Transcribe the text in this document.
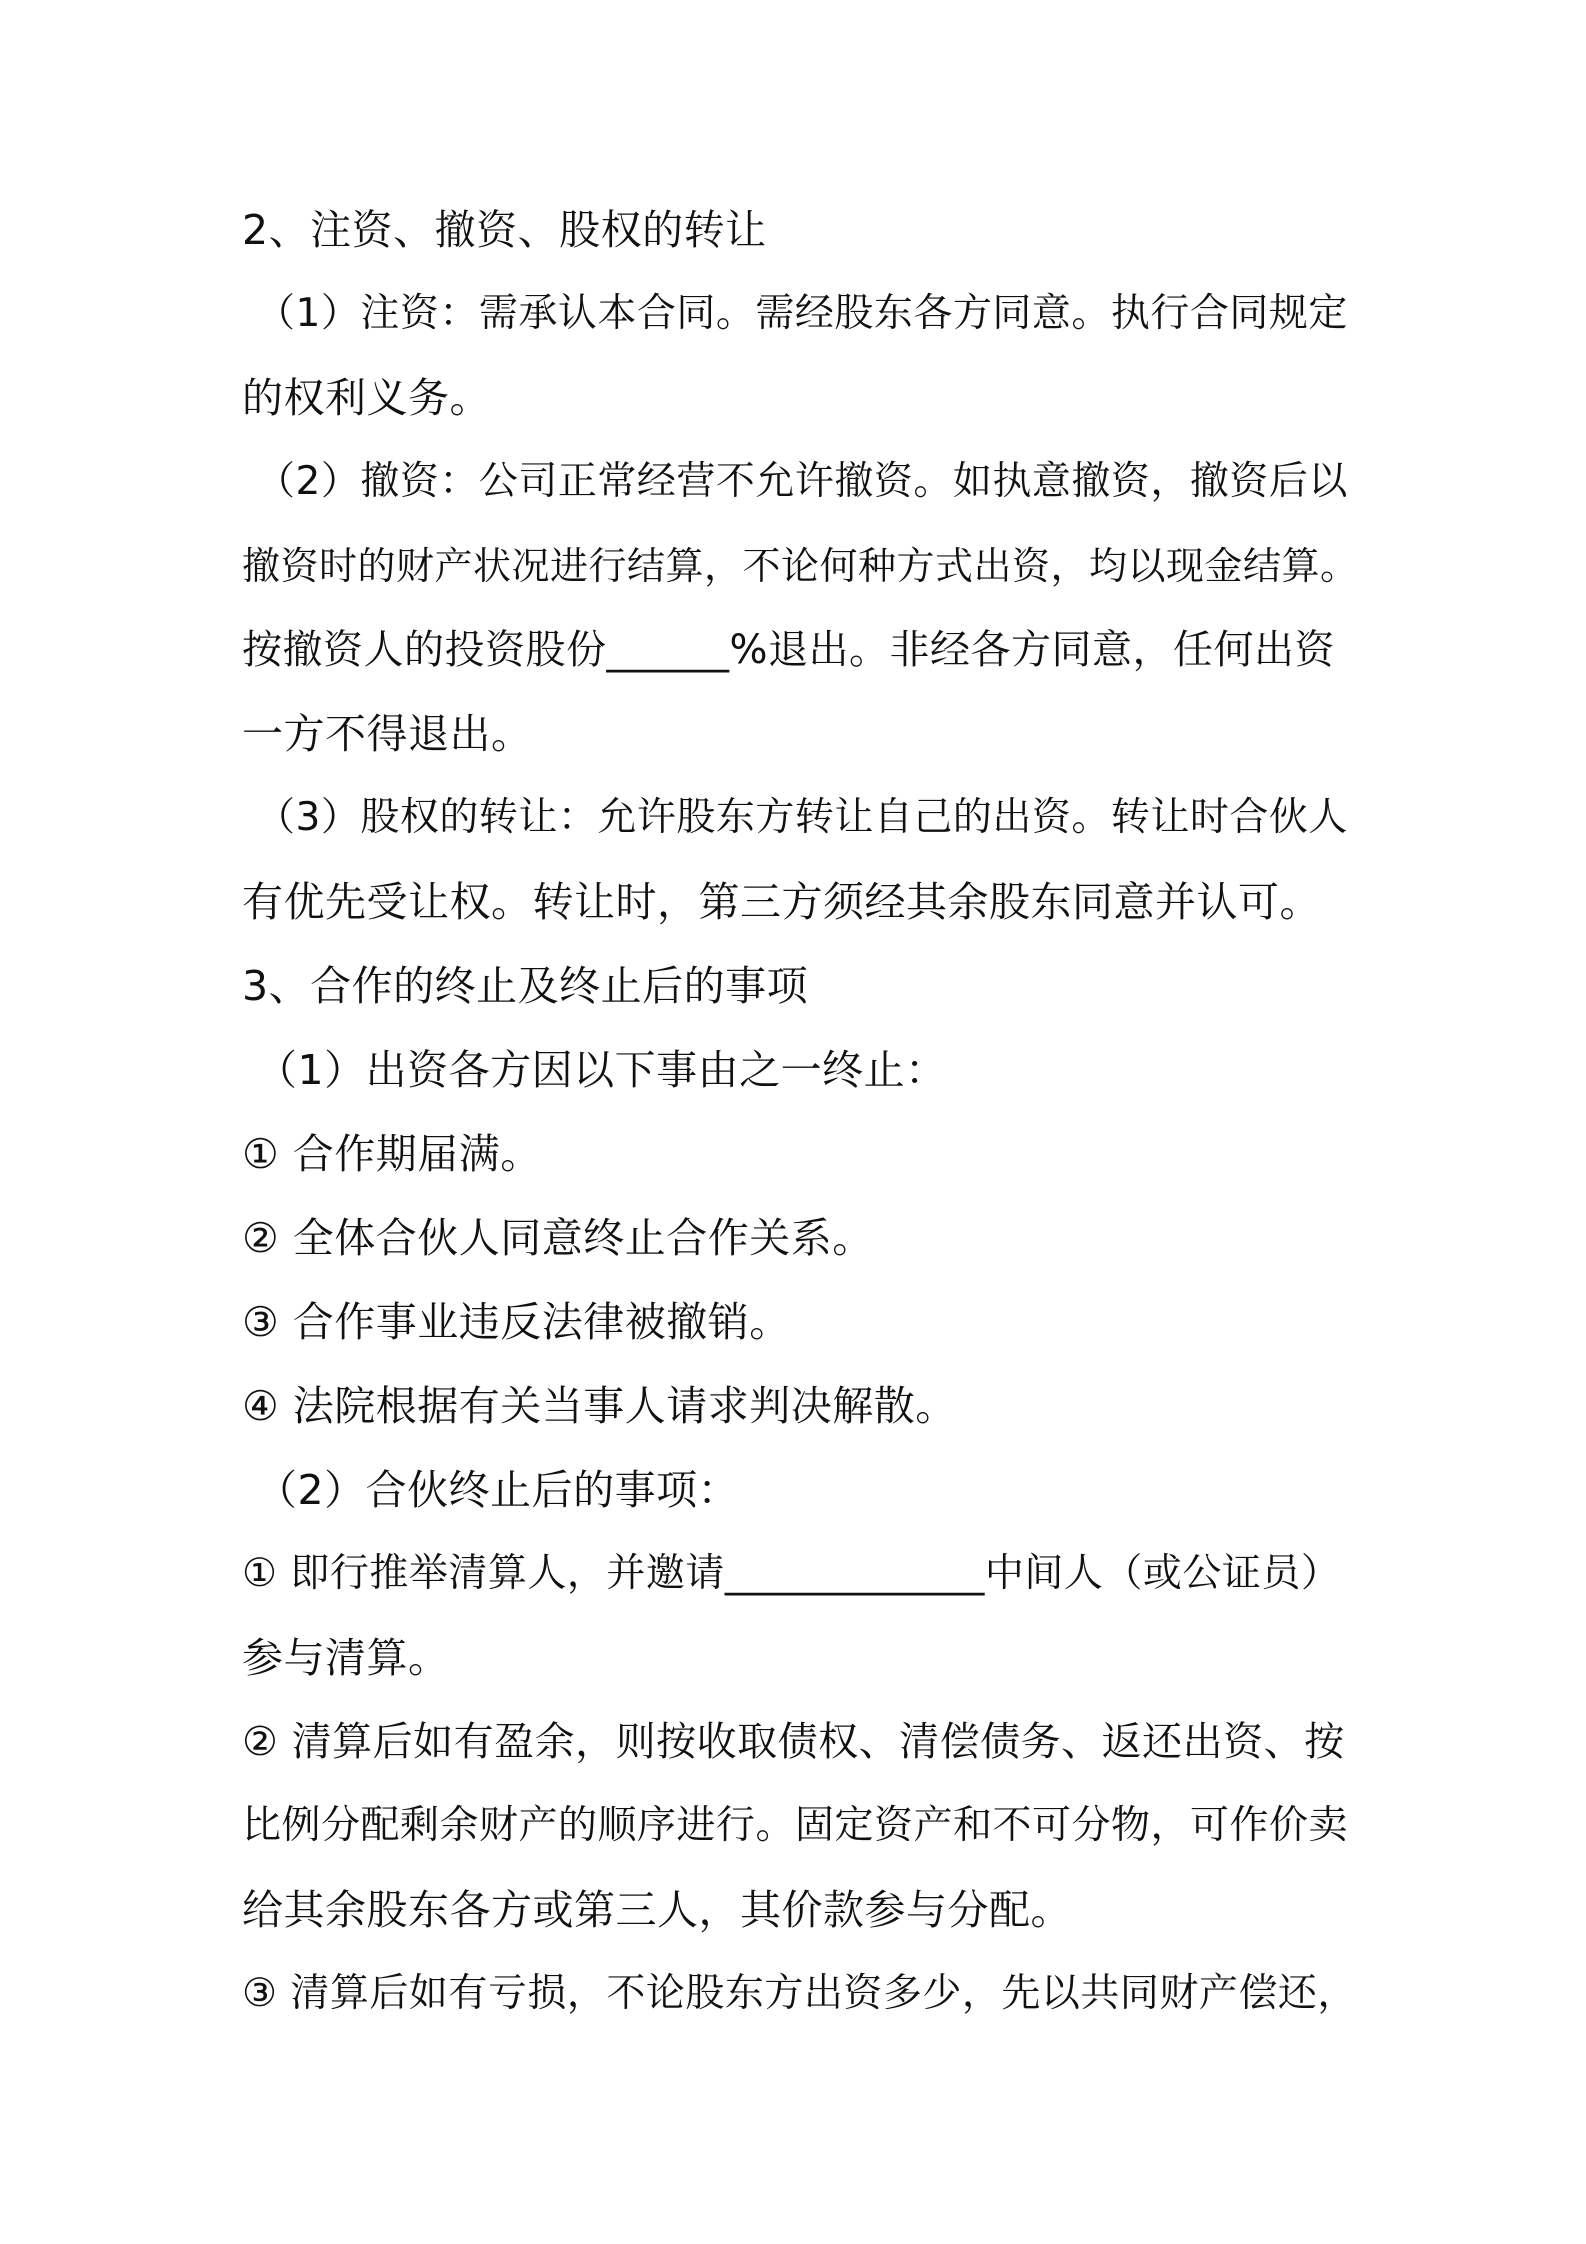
2、注资、撤资、股权的转让
（1）注资：需承认本合同。需经股东各方同意。执行合同规定
的权利义务。
（2）撤资：公司正常经营不允许撤资。如执意撤资，撤资后以
撤资时的财产状况进行结算，不论何种方式出资，均以现金结算。
按撤资人的投资股份______%退出。非经各方同意，任何出资
一方不得退出。
（3）股权的转让：允许股东方转让自己的出资。转让时合伙人
有优先受让权。转让时，第三方须经其余股东同意并认可。
3、合作的终止及终止后的事项
（1）出资各方因以下事由之一终止：
① 合作期届满。
② 全体合伙人同意终止合作关系。
③ 合作事业违反法律被撤销。
④ 法院根据有关当事人请求判决解散。
（2）合伙终止后的事项：
① 即行推举清算人，并邀请_____________中间人（或公证员）
参与清算。
② 清算后如有盈余，则按收取债权、清偿债务、返还出资、按
比例分配剩余财产的顺序进行。固定资产和不可分物，可作价卖
给其余股东各方或第三人，其价款参与分配。
③ 清算后如有亏损，不论股东方出资多少，先以共同财产偿还，
